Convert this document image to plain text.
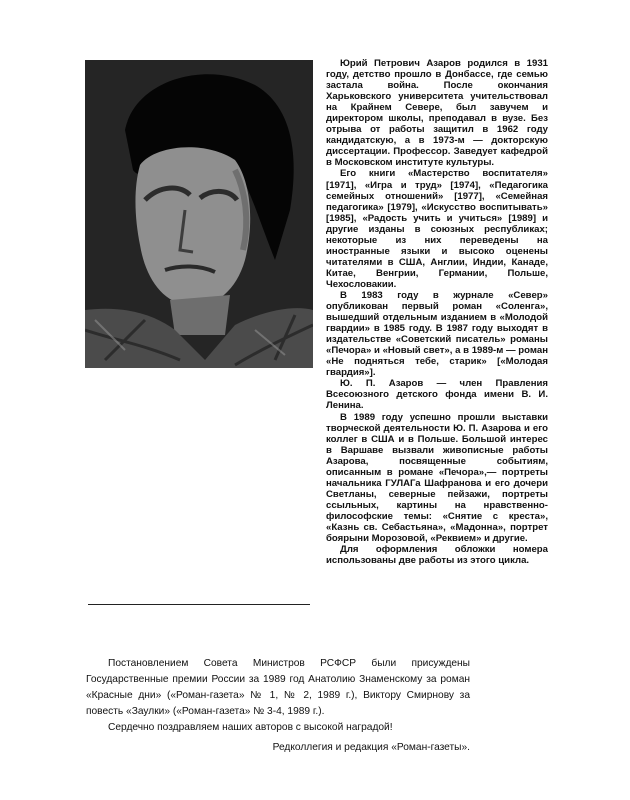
Юрий Петрович Азаров родился в 1931 году, детство прошло в Донбассе, где семью застала война. После окончания Харьковского университета учительствовал на Крайнем Севере, был завучем и директором школы, преподавал в вузе. Без отрыва от работы защитил в 1962 году кандидатскую, а в 1973-м — докторскую диссертации. Профессор. Заведует кафедрой в Московском институте культуры.

Его книги «Мастерство воспитателя» [1971], «Игра и труд» [1974], «Педагогика семейных отношений» [1977], «Семейная педагогика» [1979], «Искусство воспитывать» [1985], «Радость учить и учиться» [1989] и другие изданы в союзных республиках; некоторые из них переведены на иностранные языки и высоко оценены читателями в США, Англии, Индии, Канаде, Китае, Венгрии, Германии, Польше, Чехословакии.

В 1983 году в журнале «Север» опубликован первый роман «Соленга», вышедший отдельным изданием в «Молодой гвардии» в 1985 году. В 1987 году выходят в издательстве «Советский писатель» романы «Печора» и «Новый свет», а в 1989-м — роман «Не подняться тебе, старик» [«Молодая гвардия»].

Ю. П. Азаров — член Правления Всесоюзного детского фонда имени В. И. Ленина.

В 1989 году успешно прошли выставки творческой деятельности Ю. П. Азарова и его коллег в США и в Польше. Большой интерес в Варшаве вызвали живописные работы Азарова, посвященные событиям, описанным в романе «Печора»,— портреты начальника ГУЛАГа Шафранова и его дочери Светланы, северные пейзажи, портреты ссыльных, картины на нравственно-философские темы: «Снятие с креста», «Казнь св. Себастьяна», «Мадонна», портрет боярыни Морозовой, «Реквием» и другие.

Для оформления обложки номера использованы две работы из этого цикла.

Постановлением Совета Министров РСФСР были присуждены Государственные премии России за 1989 год Анатолию Знаменскому за роман «Красные дни» («Роман-газета» № 1, № 2, 1989 г.), Виктору Смирнову за повесть «Заулки» («Роман-газета» № 3-4, 1989 г.).

Сердечно поздравляем наших авторов с высокой наградой!

Редколлегия и редакция «Роман-газеты».
